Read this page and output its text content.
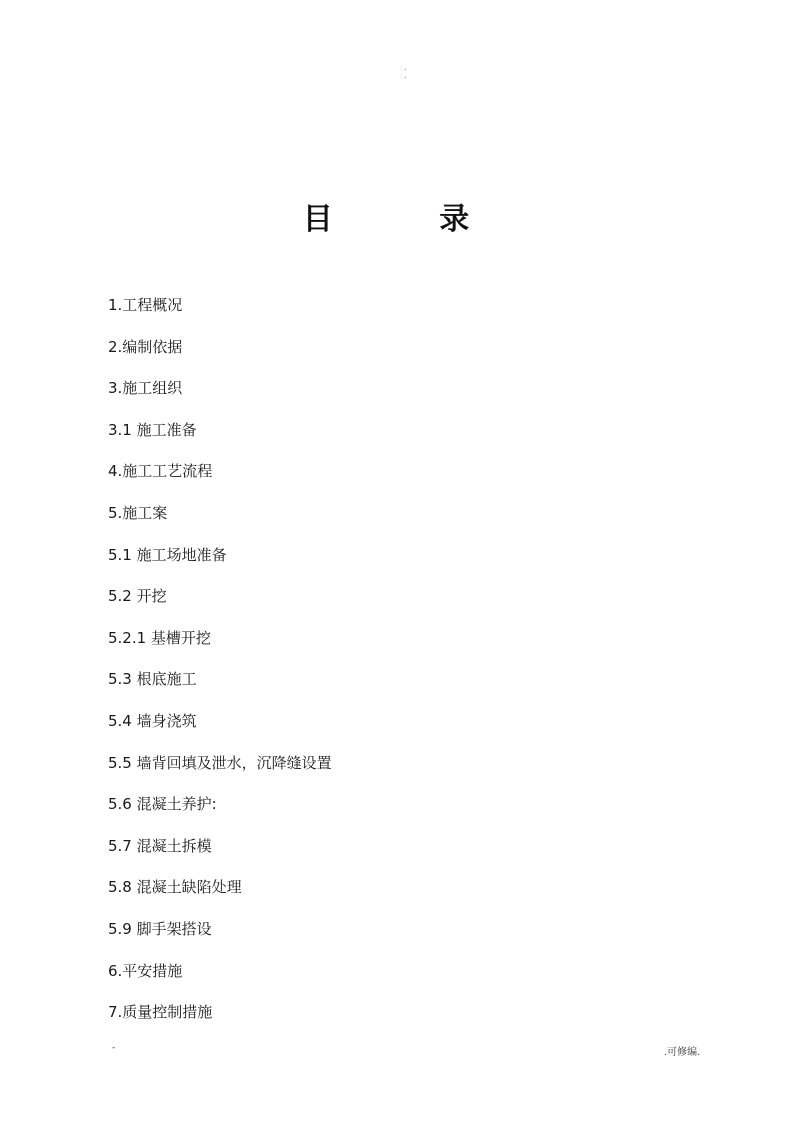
.
.
目 录
1.工程概况
2.编制依据
3.施工组织
3.1 施工准备
4.施工工艺流程
5.施工案
5.1 施工场地准备
5.2 开挖
5.2.1 基槽开挖
5.3 根底施工
5.4 墙身浇筑
5.5 墙背回填及泄水，沉降缝设置
5.6 混凝土养护:
5.7 混凝土拆模
5.8 混凝土缺陷处理
5.9 脚手架搭设
6.平安措施
7.质量控制措施
-	.可修编.
